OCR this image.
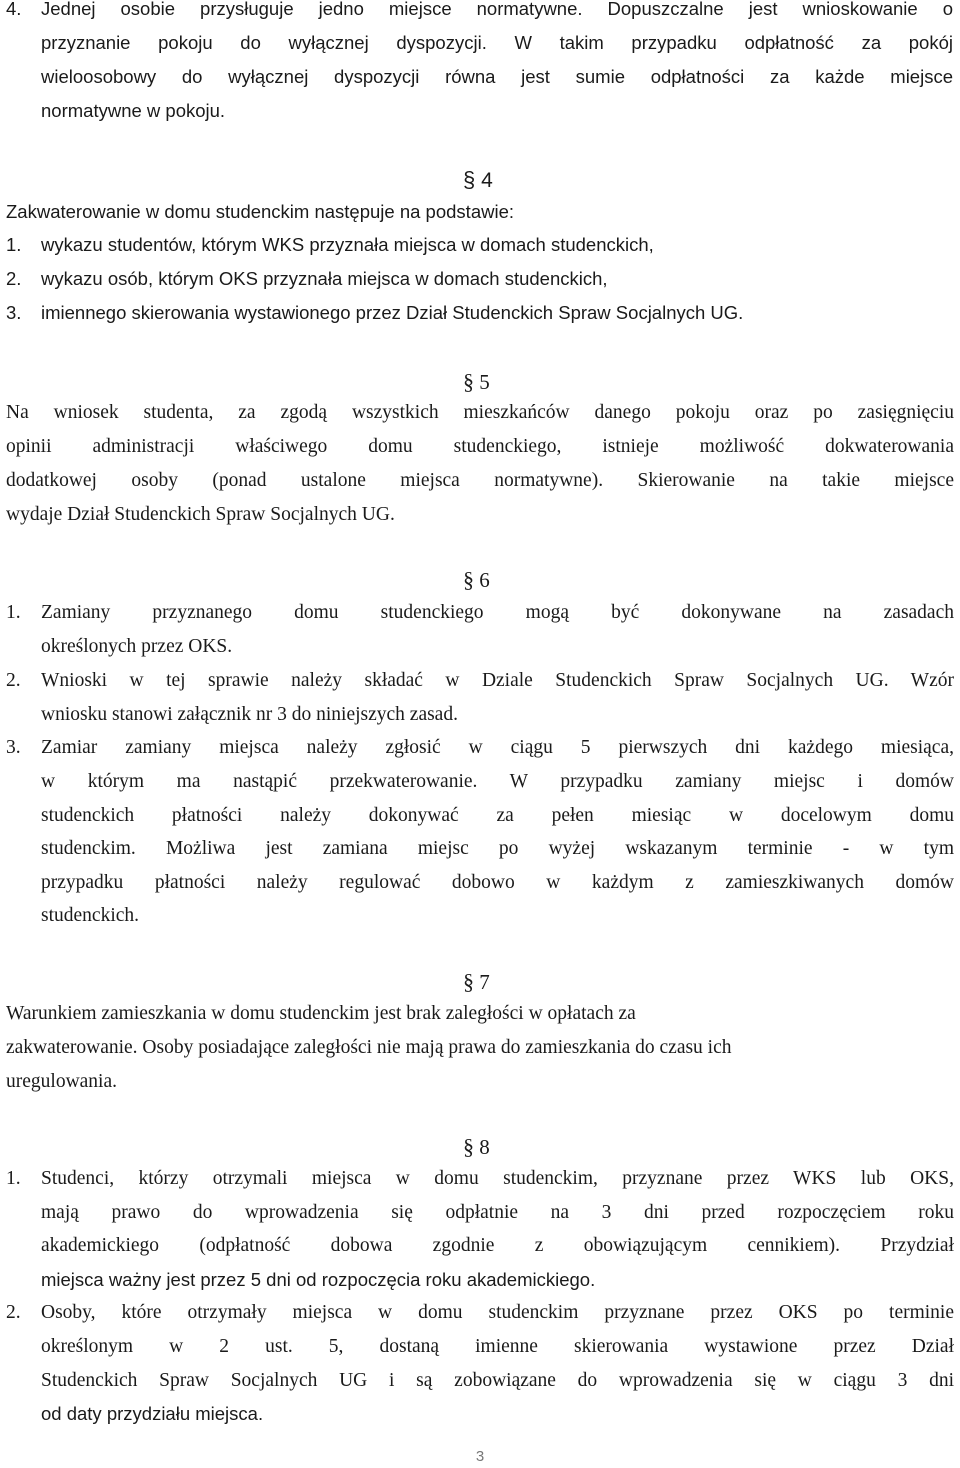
4. Jednej osobie przysługuje jedno miejsce normatywne. Dopuszczalne jest wnioskowanie o
przyznanie pokoju do wyłącznej dyspozycji. W takim przypadku odpłatność za pokój
wieloosobowy do wyłącznej dyspozycji równa jest sumie odpłatności za każde miejsce
normatywne w pokoju.
§ 4
Zakwaterowanie w domu studenckim następuje na podstawie:
1. wykazu studentów, którym WKS przyznała miejsca w domach studenckich,
2. wykazu osób, którym OKS przyznała miejsca w domach studenckich,
3. imiennego skierowania wystawionego przez Dział Studenckich Spraw Socjalnych UG.
§ 5
Na wniosek studenta, za zgodą wszystkich mieszkańców danego pokoju oraz po zasięgnięciu
opinii administracji właściwego domu studenckiego, istnieje możliwość dokwaterowania
dodatkowej osoby (ponad ustalone miejsca normatywne). Skierowanie na takie miejsce
wydaje Dział Studenckich Spraw Socjalnych UG.
§ 6
1. Zamiany przyznanego domu studenckiego mogą być dokonywane na zasadach
określonych przez OKS.
2. Wnioski w tej sprawie należy składać w Dziale Studenckich Spraw Socjalnych UG. Wzór
wniosku stanowi załącznik nr 3 do niniejszych zasad.
3. Zamiar zamiany miejsca należy zgłosić w ciągu 5 pierwszych dni każdego miesiąca,
w którym ma nastąpić przekwaterowanie. W przypadku zamiany miejsc i domów
studenckich płatności należy dokonywać za pełen miesiąc w docelowym domu
studenckim. Możliwa jest zamiana miejsc po wyżej wskazanym terminie - w tym
przypadku płatności należy regulować dobowo w każdym z zamieszkiwanych domów
studenckich.
§ 7
Warunkiem zamieszkania w domu studenckim jest brak zaległości w opłatach za
zakwaterowanie. Osoby posiadające zaległości nie mają prawa do zamieszkania do czasu ich
uregulowania.
§ 8
1. Studenci, którzy otrzymali miejsca w domu studenckim, przyznane przez WKS lub OKS,
mają prawo do wprowadzenia się odpłatnie na 3 dni przed rozpoczęciem roku
akademickiego (odpłatność dobowa zgodnie z obowiązującym cennikiem). Przydział
miejsca ważny jest przez 5 dni od rozpoczęcia roku akademickiego.
2. Osoby, które otrzymały miejsca w domu studenckim przyznane przez OKS po terminie
określonym w 2 ust. 5, dostaną imienne skierowania wystawione przez Dział
Studenckich Spraw Socjalnych UG i są zobowiązane do wprowadzenia się w ciągu 3 dni
od daty przydziału miejsca.
3
